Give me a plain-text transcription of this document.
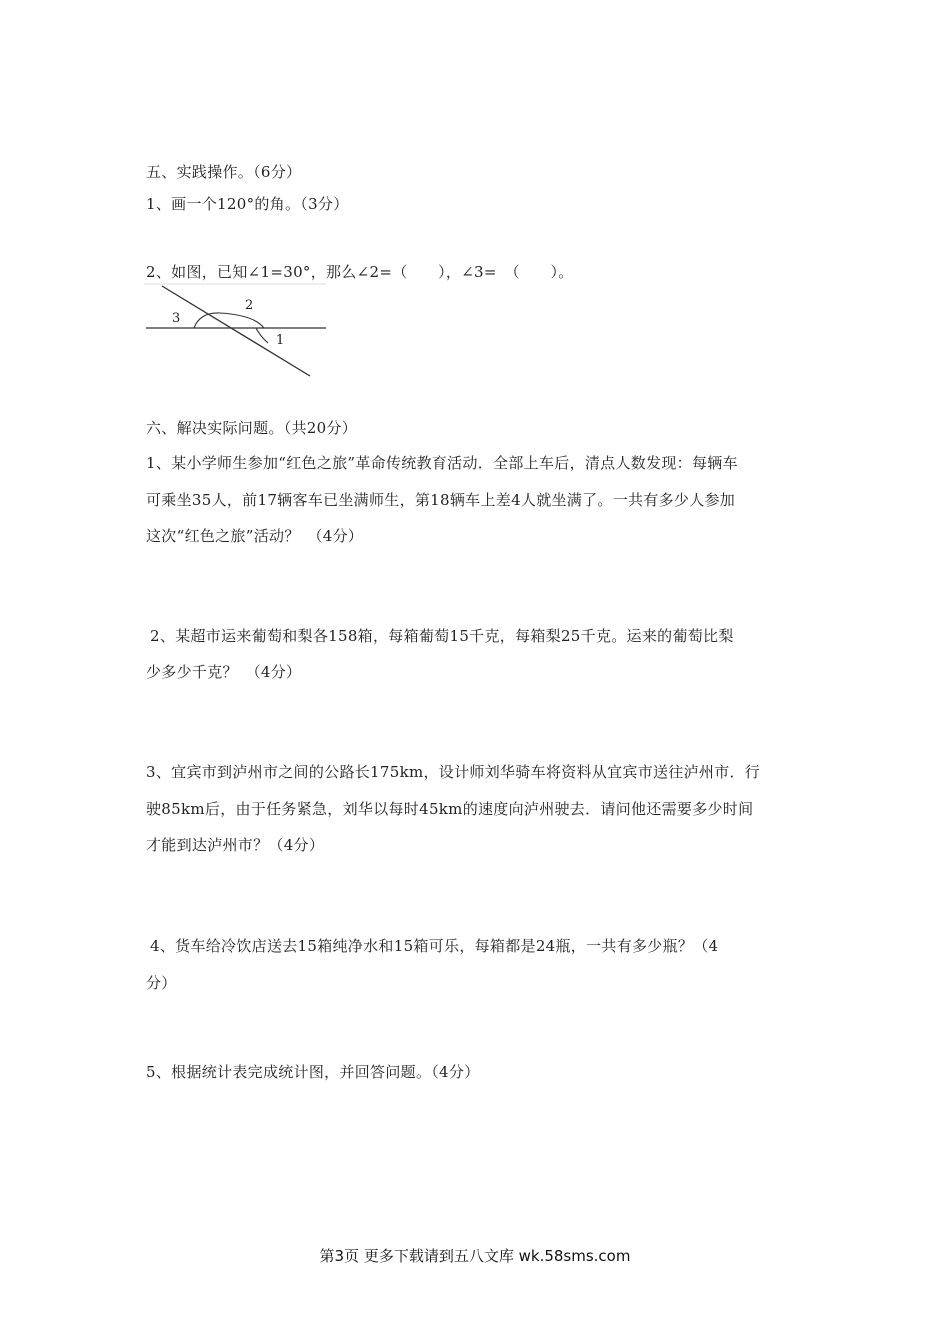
五、实践操作。（6分）
1、画一个120°的角。（3分）
2、如图，已知∠1=30°，那么∠2=（　　），∠3=　（　　）。
3
2
1
六、解决实际问题。（共20分）
1、某小学师生参加“红色之旅”革命传统教育活动．全部上车后，清点人数发现：每辆车
可乘坐35人，前17辆客车已坐满师生，第18辆车上差4人就坐满了。一共有多少人参加
这次“红色之旅”活动？　（4分）
2、某超市运来葡萄和梨各158箱，每箱葡萄15千克，每箱梨25千克。运来的葡萄比梨
少多少千克？　（4分）
3、宜宾市到泸州市之间的公路长175km，设计师刘华骑车将资料从宜宾市送往泸州市．行
驶85km后，由于任务紧急，刘华以每时45km的速度向泸州驶去．请问他还需要多少时间
才能到达泸州市？（4分）
4、货车给冷饮店送去15箱纯净水和15箱可乐，每箱都是24瓶，一共有多少瓶？（4
分）
5、根据统计表完成统计图，并回答问题。（4分）
第3页 更多下载请到五八文库 wk.58sms.com
